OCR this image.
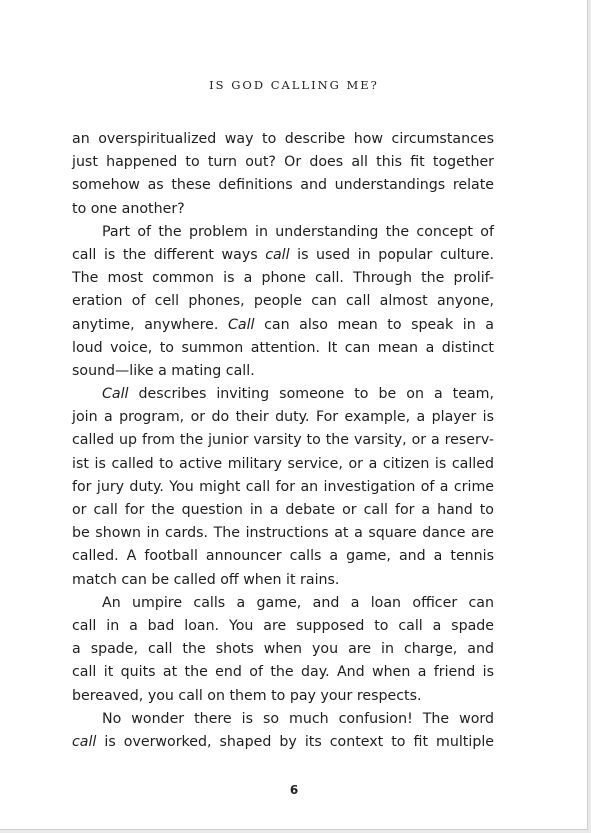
IS GOD CALLING ME?
an overspiritualized way to describe how circumstances
just happened to turn out? Or does all this fit together
somehow as these definitions and understandings relate
to one another?
Part of the problem in understanding the concept of
call is the different ways call is used in popular culture.
The most common is a phone call. Through the prolif-
eration of cell phones, people can call almost anyone,
anytime, anywhere. Call can also mean to speak in a
loud voice, to summon attention. It can mean a distinct
sound—like a mating call.
Call describes inviting someone to be on a team,
join a program, or do their duty. For example, a player is
called up from the junior varsity to the varsity, or a reserv-
ist is called to active military service, or a citizen is called
for jury duty. You might call for an investigation of a crime
or call for the question in a debate or call for a hand to
be shown in cards. The instructions at a square dance are
called. A football announcer calls a game, and a tennis
match can be called off when it rains.
An umpire calls a game, and a loan officer can
call in a bad loan. You are supposed to call a spade
a spade, call the shots when you are in charge, and
call it quits at the end of the day. And when a friend is
bereaved, you call on them to pay your respects.
No wonder there is so much confusion! The word
call is overworked, shaped by its context to fit multiple
6
